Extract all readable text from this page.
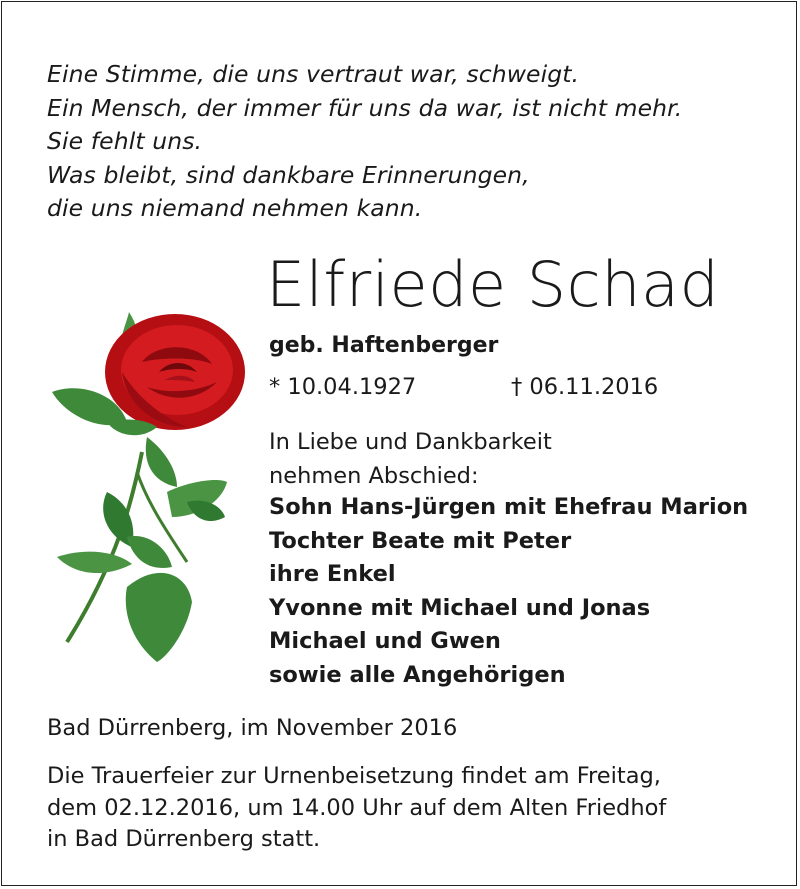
Eine Stimme, die uns vertraut war, schweigt.
Ein Mensch, der immer für uns da war, ist nicht mehr.
Sie fehlt uns.
Was bleibt, sind dankbare Erinnerungen,
die uns niemand nehmen kann.
Elfriede Schad
geb. Haftenberger
* 10.04.1927	† 06.11.2016
In Liebe und Dankbarkeit
nehmen Abschied:
Sohn Hans-Jürgen mit Ehefrau Marion
Tochter Beate mit Peter
ihre Enkel
Yvonne mit Michael und Jonas
Michael und Gwen
sowie alle Angehörigen
Bad Dürrenberg, im November 2016
Die Trauerfeier zur Urnenbeisetzung findet am Freitag,
dem 02.12.2016, um 14.00 Uhr auf dem Alten Friedhof
in Bad Dürrenberg statt.
